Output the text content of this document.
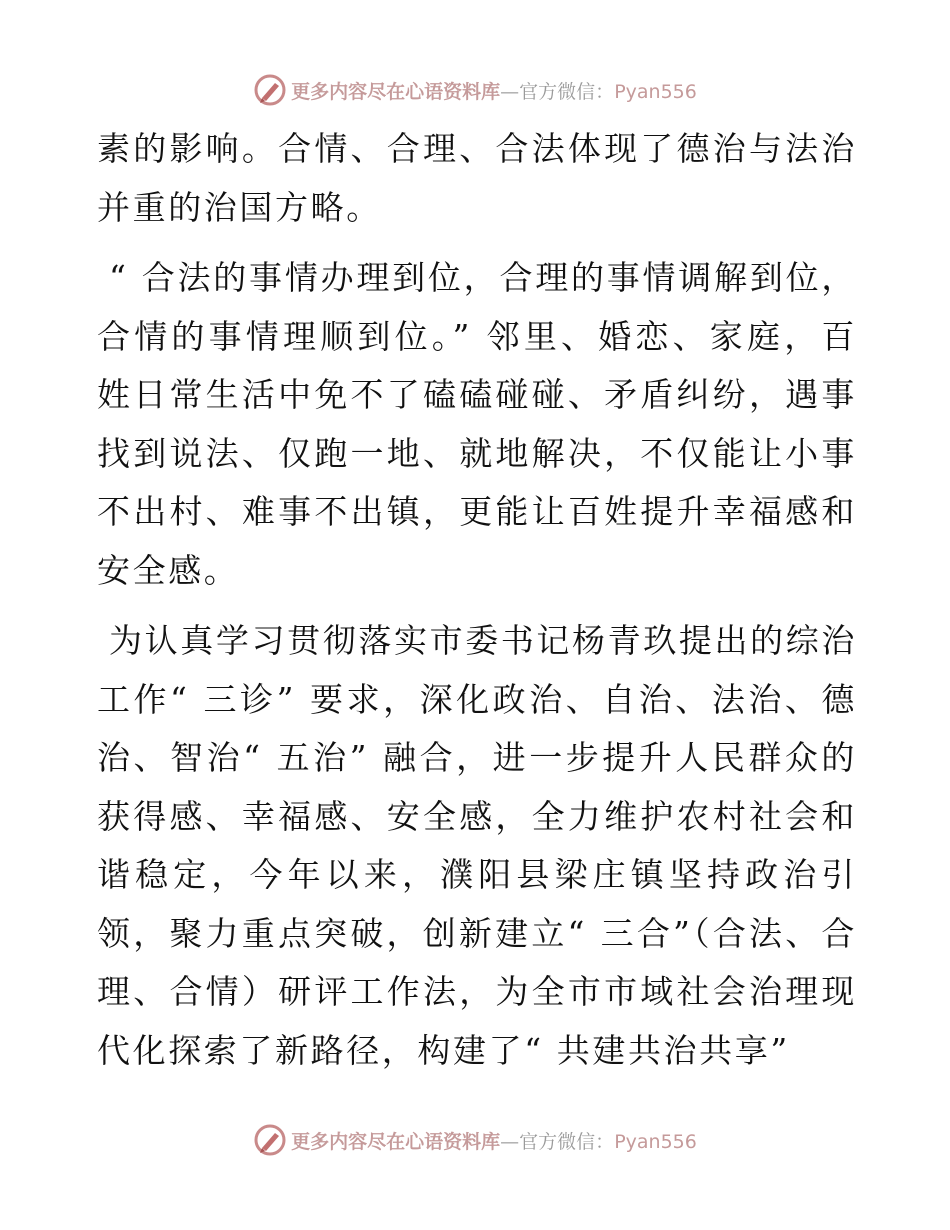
更多内容尽在心语资料库—官方微信：Pyan556

素的影响。合情、合理、合法体现了德治与法治并重的治国方略。

“ 合法的事情办理到位，合理的事情调解到位，合情的事情理顺到位。” 邻里、婚恋、家庭，百姓日常生活中免不了磕磕碰碰、矛盾纠纷，遇事找到说法、仅跑一地、就地解决，不仅能让小事不出村、难事不出镇，更能让百姓提升幸福感和安全感。

为认真学习贯彻落实市委书记杨青玖提出的综治工作“ 三诊” 要求，深化政治、自治、法治、德治、智治“ 五治” 融合，进一步提升人民群众的获得感、幸福感、安全感，全力维护农村社会和谐稳定，今年以来，濮阳县梁庄镇坚持政治引领，聚力重点突破，创新建立“ 三合”（合法、合理、合情）研评工作法，为全市市域社会治理现代化探索了新路径，构建了“ 共建共治共享”

更多内容尽在心语资料库—官方微信：Pyan556
